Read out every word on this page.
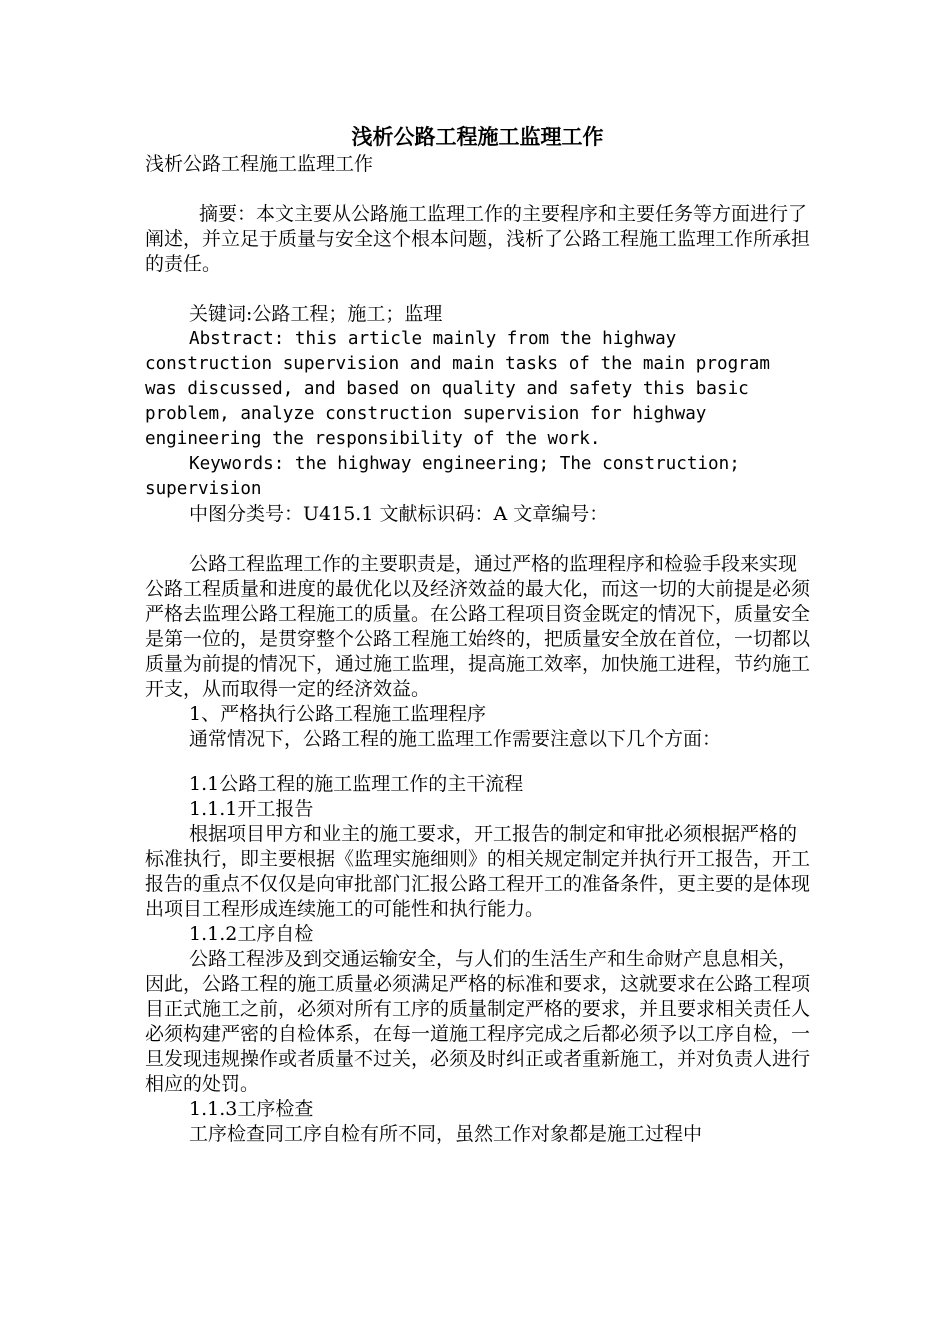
浅析公路工程施工监理工作

浅析公路工程施工监理工作

摘要：本文主要从公路施工监理工作的主要程序和主要任务等方面进行了阐述，并立足于质量与安全这个根本问题，浅析了公路工程施工监理工作所承担的责任。

关键词:公路工程；施工；监理

Abstract: this article mainly from the highway construction supervision and main tasks of the main program was discussed, and based on quality and safety this basic problem, analyze construction supervision for highway engineering the responsibility of the work.

Keywords: the highway engineering; The construction; supervision

中图分类号：U415.1 文献标识码：A 文章编号：

公路工程监理工作的主要职责是，通过严格的监理程序和检验手段来实现公路工程质量和进度的最优化以及经济效益的最大化，而这一切的大前提是必须严格去监理公路工程施工的质量。在公路工程项目资金既定的情况下，质量安全是第一位的，是贯穿整个公路工程施工始终的，把质量安全放在首位，一切都以质量为前提的情况下，通过施工监理，提高施工效率，加快施工进程，节约施工开支，从而取得一定的经济效益。

1、严格执行公路工程施工监理程序

通常情况下，公路工程的施工监理工作需要注意以下几个方面：

1.1公路工程的施工监理工作的主干流程

1.1.1开工报告

根据项目甲方和业主的施工要求，开工报告的制定和审批必须根据严格的标准执行，即主要根据《监理实施细则》的相关规定制定并执行开工报告，开工报告的重点不仅仅是向审批部门汇报公路工程开工的准备条件，更主要的是体现出项目工程形成连续施工的可能性和执行能力。

1.1.2工序自检

公路工程涉及到交通运输安全，与人们的生活生产和生命财产息息相关，因此，公路工程的施工质量必须满足严格的标准和要求，这就要求在公路工程项目正式施工之前，必须对所有工序的质量制定严格的要求，并且要求相关责任人必须构建严密的自检体系，在每一道施工程序完成之后都必须予以工序自检，一旦发现违规操作或者质量不过关，必须及时纠正或者重新施工，并对负责人进行相应的处罚。

1.1.3工序检查

工序检查同工序自检有所不同，虽然工作对象都是施工过程中
